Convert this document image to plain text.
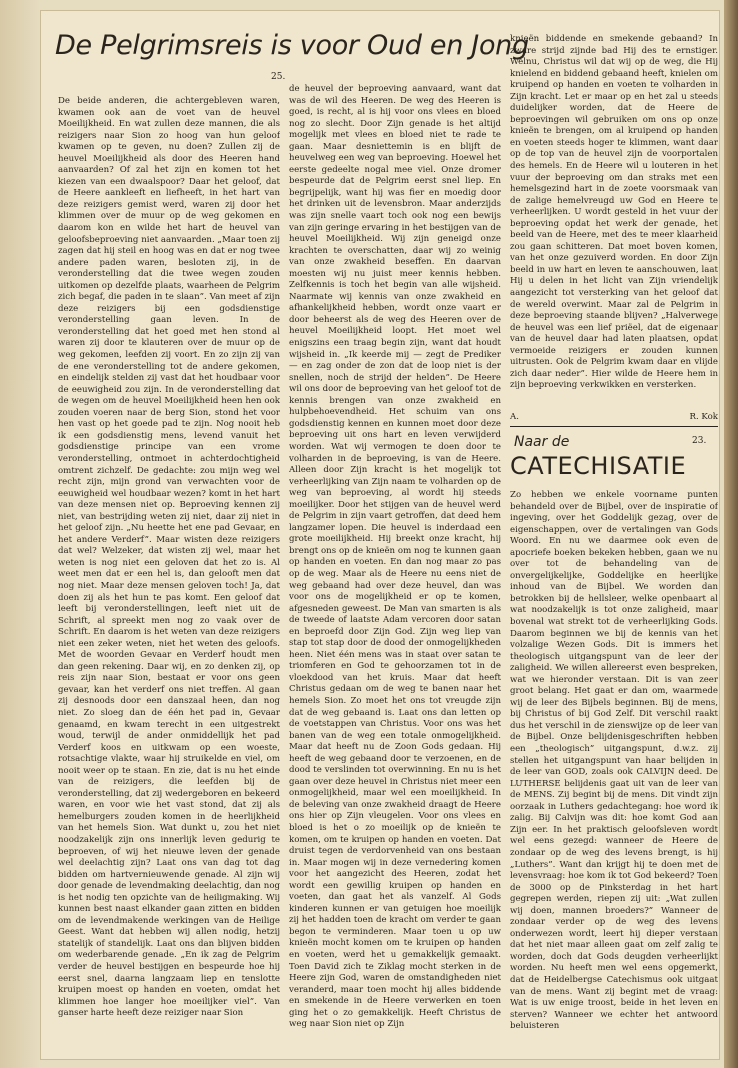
De Pelgrimsreis is voor Oud en Jong
25.

De beide anderen, die achtergebleven waren, kwamen ook aan de voet van de heuvel Moeilijkheid. En wat zullen deze mannen, die als reizigers naar Sion zo hoog van hun geloof kwamen op te geven, nu doen? Zullen zij de heuvel Moeilijkheid als door des Heeren hand aanvaarden? Of zal het zijn en komen tot het kiezen van een dwaalspoor? Daar het geloof, dat de Heere aankleeft en liefheeft, in het hart van deze reizigers gemist werd, waren zij door het klimmen over de muur op de weg gekomen en daarom kon en wilde het hart de heuvel van geloofsbeproeving niet aanvaarden. „Maar toen zij zagen dat hij steil en hoog was en dat er nog twee andere paden waren, besloten zij, in de veronderstelling dat die twee wegen zouden uitkomen op dezelfde plaats, waarheen de Pelgrim zich begaf, die paden in te slaan”. Van meet af zijn deze reizigers bij een godsdienstige veronderstelling gaan leven. In de veronderstelling dat het goed met hen stond al waren zij door te klauteren over de muur op de weg gekomen, leefden zij voort. En zo zijn zij van de ene veronderstelling tot de andere gekomen, en eindelijk stelden zij vast dat het houdbaar voor de eeuwigheid zou zijn. In de veronderstelling dat de wegen om de heuvel Moeilijkheid heen hen ook zouden voeren naar de berg Sion, stond het voor hen vast op het goede pad te zijn. Nog nooit heb ik een godsdienstig mens, levend vanuit het godsdienstige principe van een vrome veronderstelling, ontmoet in achterdochtigheid omtrent zichzelf. De gedachte: zou mijn weg wel recht zijn, mijn grond van verwachten voor de eeuwigheid wel houdbaar wezen? komt in het hart van deze mensen niet op. Beproeving kennen zij niet, van bestrijding weten zij niet, daar zij niet in het geloof zijn. „Nu heette het ene pad Gevaar, en het andere Verderf”. Maar wisten deze reizigers dat wel? Welzeker, dat wisten zij wel, maar het weten is nog niet een geloven dat het zo is. Al weet men dat er een hel is, dan gelooft men dat nog niet. Maar deze mensen geloven toch! Ja, dat doen zij als het hun te pas komt. Een geloof dat leeft bij veronderstellingen, leeft niet uit de Schrift, al spreekt men nog zo vaak over de Schrift. En daarom is het weten van deze reizigers niet een zeker weten, niet het weten des geloofs. Met de woorden Gevaar en Verderf houdt men dan geen rekening. Daar wij, en zo denken zij, op reis zijn naar Sion, bestaat er voor ons geen gevaar, kan het verderf ons niet treffen. Al gaan zij desnoods door een danszaal heen, dan nog niet. Zo sloeg dan de één het pad in, Gevaar genaamd, en kwam terecht in een uitgestrekt woud, terwijl de ander onmiddellijk het pad Verderf koos en uitkwam op een woeste, rotsachtige vlakte, waar hij struikelde en viel, om nooit weer op te staan. En zie, dat is nu het einde van de reizigers, die leefden bij de veronderstelling, dat zij wedergeboren en bekeerd waren, en voor wie het vast stond, dat zij als hemelburgers zouden komen in de heerlijkheid van het hemels Sion. Wat dunkt u, zou het niet noodzakelijk zijn ons innerlijk leven gedurig te beproeven, of wij het nieuwe leven der genade wel deelachtig zijn? Laat ons van dag tot dag bidden om hartvernieuwende genade. Al zijn wij door genade de levendmaking deelachtig, dan nog is het nodig ten opzichte van de heiligmaking. Wij kunnen best naast elkander gaan zitten en bidden om de levendmakende werkingen van de Heilige Geest. Want dat hebben wij allen nodig, hetzij statelijk of standelijk. Laat ons dan blijven bidden om wederbarende genade. „En ik zag de Pelgrim verder de heuvel bestijgen en bespeurde hoe hij eerst snel, daarna langzaam liep en tenslotte kruipen moest op handen en voeten, omdat het klimmen hoe langer hoe moeilijker viel”. Van ganser harte heeft deze reiziger naar Sion

de heuvel der beproeving aanvaard, want dat was de wil des Heeren. De weg des Heeren is goed, is recht, al is hij voor ons vlees en bloed nog zo slecht. Door Zijn genade is het altijd mogelijk met vlees en bloed niet te rade te gaan. Maar desniettemin is en blijft de heuvelweg een weg van beproeving. Hoewel het eerste gedeelte nogal mee viel. Onze dromer bespeurde dat de Pelgrim eerst snel liep. En begrijpelijk, want hij was fier en moedig door het drinken uit de levensbron. Maar anderzijds was zijn snelle vaart toch ook nog een bewijs van zijn geringe ervaring in het bestijgen van de heuvel Moeilijkheid. Wij zijn geneigd onze krachten te overschatten, daar wij zo weinig van onze zwakheid beseffen. En daarvan moesten wij nu juist meer kennis hebben. Zelfkennis is toch het begin van alle wijsheid. Naarmate wij kennis van onze zwakheid en afhankelijkheid hebben, wordt onze vaart er door beheerst als de weg des Heeren over de heuvel Moeilijkheid loopt. Het moet wel enigszins een traag begin zijn, want dat houdt wijsheid in. „Ik keerde mij — zegt de Prediker — en zag onder de zon dat de loop niet is der snellen, noch de strijd der helden”. De Heere wil ons door de beproeving van het geloof tot de kennis brengen van onze zwakheid en hulpbehoevendheid. Het schuim van ons godsdienstig kennen en kunnen moet door deze beproeving uit ons hart en leven verwijderd worden. Wat wij vermogen te doen door te volharden in de beproeving, is van de Heere. Alleen door Zijn kracht is het mogelijk tot verheerlijking van Zijn naam te volharden op de weg van beproeving, al wordt hij steeds moeilijker. Door het stijgen van de heuvel werd de Pelgrim in zijn vaart getroffen, dat deed hem langzamer lopen. Die heuvel is inderdaad een grote moeilijkheid. Hij breekt onze kracht, hij brengt ons op de knieën om nog te kunnen gaan op handen en voeten. En dan nog maar zo pas op de weg. Maar als de Heere nu eens niet de weg gebaand had over deze heuvel, dan was voor ons de mogelijkheid er op te komen, afgesneden geweest. De Man van smarten is als de tweede of laatste Adam vercoren door satan en beproefd door Zijn God. Zijn weg liep van stap tot stap door de dood der onmogelijkheden heen. Niet één mens was in staat over satan te triomferen en God te gehoorzamen tot in de vloekdood van het kruis. Maar dat heeft Christus gedaan om de weg te banen naar het hemels Sion. Zo moet het ons tot vreugde zijn dat de weg gebaand is. Laat ons dan letten op de voetstappen van Christus. Voor ons was het banen van de weg een totale onmogelijkheid. Maar dat heeft nu de Zoon Gods gedaan. Hij heeft de weg gebaand door te verzoenen, en de dood te verslinden tot overwinning. En nu is het gaan over deze heuvel in Christus niet meer een onmogelijkheid, maar wel een moeilijkheid. In de beleving van onze zwakheid draagt de Heere ons hier op Zijn vleugelen. Voor ons vlees en bloed is het o zo moeilijk op de knieën te komen, om te kruipen op handen en voeten. Dat druist tegen de verdorvenheid van ons bestaan in. Maar mogen wij in deze vernedering komen voor het aangezicht des Heeren, zodat het wordt een gewillig kruipen op handen en voeten, dan gaat het als vanzelf. Al Gods kinderen kunnen er van getuigen hoe moeilijk zij het hadden toen de kracht om verder te gaan begon te verminderen. Maar toen u op uw knieën mocht komen om te kruipen op handen en voeten, werd het u gemakkelijk gemaakt. Toen David zich te Ziklag mocht sterken in de Heere zijn God, waren de omstandigheden niet veranderd, maar toen mocht hij alles biddende en smekende in de Heere verwerken en toen ging het o zo gemakkelijk. Heeft Christus de weg naar Sion niet op Zijn

knieën biddende en smekende gebaand? In zware strijd zijnde bad Hij des te ernstiger. Welnu, Christus wil dat wij op de weg, die Hij knielend en biddend gebaand heeft, knielen om kruipend op handen en voeten te volharden in Zijn kracht. Let er maar op en het zal u steeds duidelijker worden, dat de Heere de beproevingen wil gebruiken om ons op onze knieën te brengen, om al kruipend op handen en voeten steeds hoger te klimmen, want daar op de top van de heuvel zijn de voorportalen des hemels. En de Heere wil u louteren in het vuur der beproeving om dan straks met een hemelsgezind hart in de zoete voorsmaak van de zalige hemelvreugd uw God en Heere te verheerlijken. U wordt gesteld in het vuur der beproeving opdat het werk der genade, het beeld van de Heere, met des te meer klaarheid zou gaan schitteren. Dat moet boven komen, van het onze gezuiverd worden. En door Zijn beeld in uw hart en leven te aanschouwen, laat Hij u delen in het licht van Zijn vriendelijk aangezicht tot versterking van het geloof dat de wereld overwint. Maar zal de Pelgrim in deze beproeving staande blijven? „Halverwege de heuvel was een lief priëel, dat de eigenaar van de heuvel daar had laten plaatsen, opdat vermoeide reizigers er zouden kunnen uitrusten. Ook de Pelgrim kwam daar en vlijde zich daar neder”. Hier wilde de Heere hem in zijn beproeving verkwikken en versterken.

A.	R. Kok
Naar de	23.
CATECHISATIE

Zo hebben we enkele voorname punten behandeld over de Bijbel, over de inspiratie of ingeving, over het Goddelijk gezag, over de eigenschappen, over de vertalingen van Gods Woord. En nu we daarmee ook even de apocriefe boeken bekeken hebben, gaan we nu over tot de behandeling van de onvergelijkelijke, Goddelijke en heerlijke inhoud van de Bijbel. We worden dan betrokken bij de hellsleer, welke openbaart al wat noodzakelijk is tot onze zaligheid, maar bovenal wat strekt tot de verheerlijking Gods. Daarom beginnen we bij de kennis van het volzalige Wezen Gods. Dit is immers het theologisch uitgangspunt van de leer der zaligheid. We willen allereerst even bespreken, wat we hieronder verstaan. Dit is van zeer groot belang. Het gaat er dan om, waarmede wij de leer des Bijbels beginnen. Bij de mens, bij Christus of bij God Zelf. Dit verschil raakt dus het verschil in de zienswijze op de leer van de Bijbel. Onze belijdenisgeschriften hebben een „theologisch” uitgangspunt, d.w.z. zij stellen het uitgangspunt van haar belijden in de leer van GOD, zoals ook CALVIJN deed. De LUTHERSE belijdenis gaat uit van de leer van de MENS. Zij begint bij de mens. Dit vindt zijn oorzaak in Luthers gedachtegang: hoe word ik zalig. Bij Calvijn was dit: hoe komt God aan Zijn eer. In het praktisch geloofsleven wordt wel eens gezegd: wanneer de Heere de zondaar op de weg des levens brengt, is hij „Luthers”. Want dan krijgt hij te doen met de levensvraag: hoe kom ik tot God bekeerd? Toen de 3000 op de Pinksterdag in het hart gegrepen werden, riepen zij uit: „Wat zullen wij doen, mannen broeders?” Wanneer de zondaar verder op de weg des levens onderwezen wordt, leert hij dieper verstaan dat het niet maar alleen gaat om zelf zalig te worden, doch dat Gods deugden verheerlijkt worden. Nu heeft men wel eens opgemerkt, dat de Heidelbergse Catechismus ook uitgaat van de mens. Want zij begint met de vraag: Wat is uw enige troost, beide in het leven en sterven? Wanneer we echter het antwoord beluisteren
